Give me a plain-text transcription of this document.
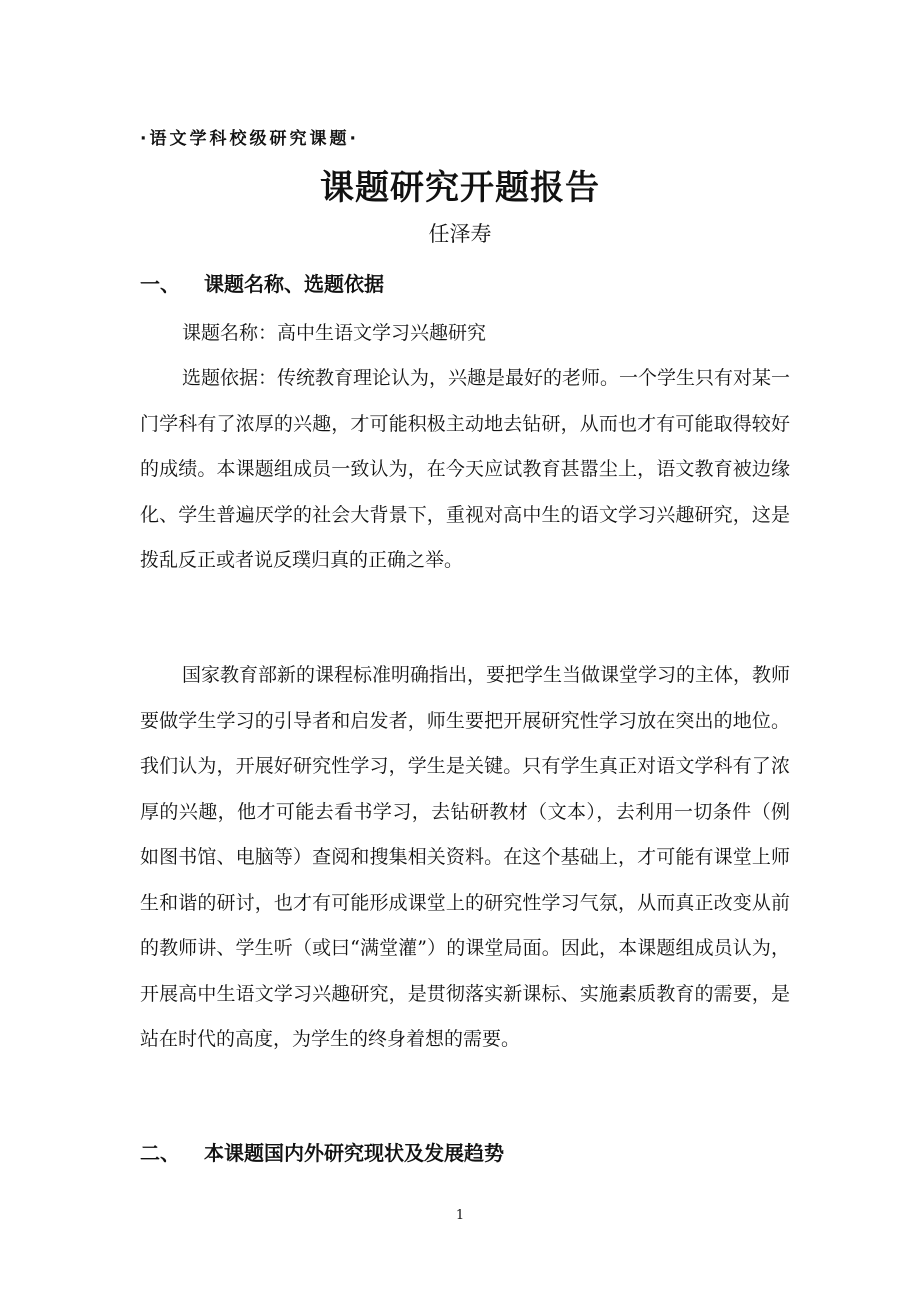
·语文学科校级研究课题·
课题研究开题报告
任泽寿
一、 课题名称、选题依据
课题名称：高中生语文学习兴趣研究
选题依据：传统教育理论认为，兴趣是最好的老师。一个学生只有对某一门学科有了浓厚的兴趣，才可能积极主动地去钻研，从而也才有可能取得较好的成绩。本课题组成员一致认为，在今天应试教育甚嚣尘上，语文教育被边缘化、学生普遍厌学的社会大背景下，重视对高中生的语文学习兴趣研究，这是拨乱反正或者说反璞归真的正确之举。
国家教育部新的课程标准明确指出，要把学生当做课堂学习的主体，教师要做学生学习的引导者和启发者，师生要把开展研究性学习放在突出的地位。我们认为，开展好研究性学习，学生是关键。只有学生真正对语文学科有了浓厚的兴趣，他才可能去看书学习，去钻研教材（文本），去利用一切条件（例如图书馆、电脑等）查阅和搜集相关资料。在这个基础上，才可能有课堂上师生和谐的研讨，也才有可能形成课堂上的研究性学习气氛，从而真正改变从前的教师讲、学生听（或曰“满堂灌”）的课堂局面。因此，本课题组成员认为，开展高中生语文学习兴趣研究，是贯彻落实新课标、实施素质教育的需要，是站在时代的高度，为学生的终身着想的需要。
二、 本课题国内外研究现状及发展趋势
1
